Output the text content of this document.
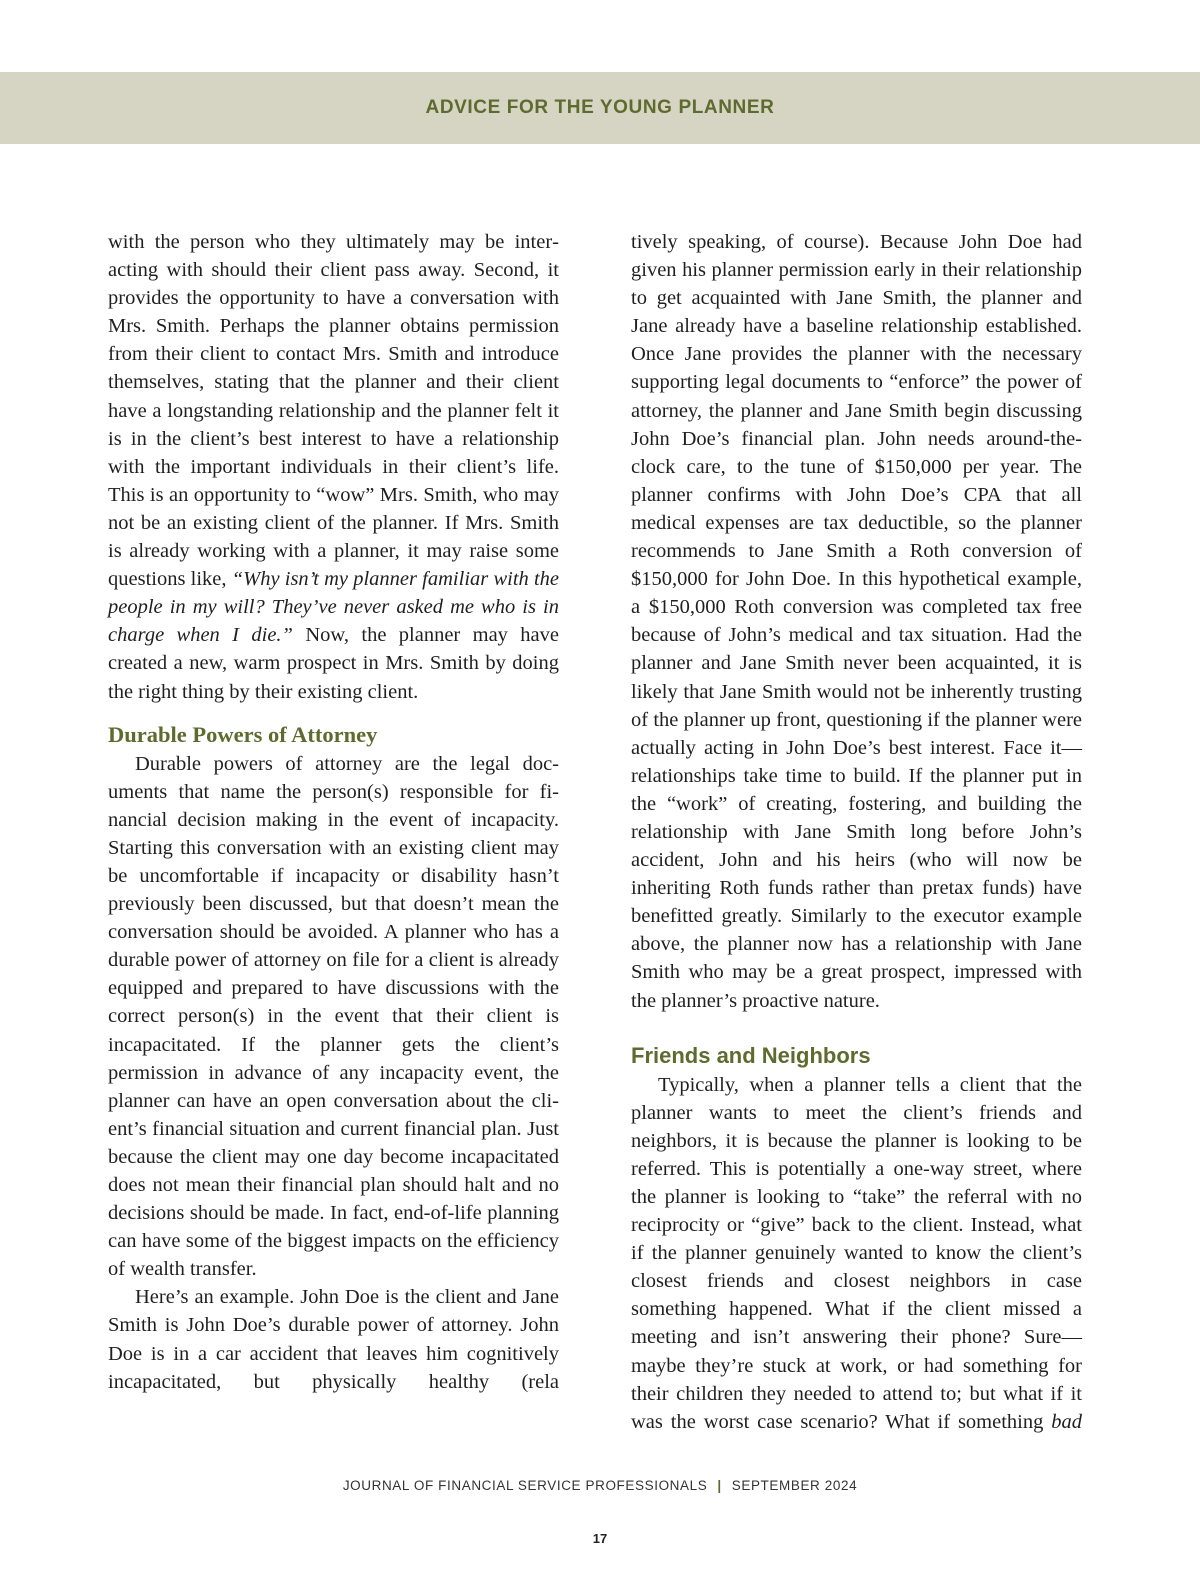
ADVICE FOR THE YOUNG PLANNER

with the person who they ultimately may be interacting with should their client pass away. Second, it provides the opportunity to have a conversation with Mrs. Smith. Perhaps the planner obtains permission from their client to contact Mrs. Smith and introduce themselves, stating that the planner and their client have a longstanding relationship and the planner felt it is in the client’s best interest to have a relationship with the important individuals in their client’s life. This is an opportunity to “wow” Mrs. Smith, who may not be an existing client of the planner. If Mrs. Smith is already working with a planner, it may raise some questions like, “Why isn’t my planner familiar with the people in my will? They’ve never asked me who is in charge when I die.” Now, the planner may have created a new, warm prospect in Mrs. Smith by doing the right thing by their existing client.

Durable Powers of Attorney

Durable powers of attorney are the legal documents that name the person(s) responsible for financial decision making in the event of incapacity. Starting this conversation with an existing client may be uncomfortable if incapacity or disability hasn’t previously been discussed, but that doesn’t mean the conversation should be avoided. A planner who has a durable power of attorney on file for a client is already equipped and prepared to have discussions with the correct person(s) in the event that their client is incapacitated. If the planner gets the client’s permission in advance of any incapacity event, the planner can have an open conversation about the client’s financial situation and current financial plan. Just because the client may one day become incapacitated does not mean their financial plan should halt and no decisions should be made. In fact, end-of-life planning can have some of the biggest impacts on the efficiency of wealth transfer.

Here’s an example. John Doe is the client and Jane Smith is John Doe’s durable power of attorney. John Doe is in a car accident that leaves him cognitively incapacitated, but physically healthy (rela

tively speaking, of course). Because John Doe had given his planner permission early in their relationship to get acquainted with Jane Smith, the planner and Jane already have a baseline relationship established. Once Jane provides the planner with the necessary supporting legal documents to “enforce” the power of attorney, the planner and Jane Smith begin discussing John Doe’s financial plan. John needs around-the-clock care, to the tune of $150,000 per year. The planner confirms with John Doe’s CPA that all medical expenses are tax deductible, so the planner recommends to Jane Smith a Roth conversion of $150,000 for John Doe. In this hypothetical example, a $150,000 Roth conversion was completed tax free because of John’s medical and tax situation. Had the planner and Jane Smith never been acquainted, it is likely that Jane Smith would not be inherently trusting of the planner up front, questioning if the planner were actually acting in John Doe’s best interest. Face it—relationships take time to build. If the planner put in the “work” of creating, fostering, and building the relationship with Jane Smith long before John’s accident, John and his heirs (who will now be inheriting Roth funds rather than pretax funds) have benefitted greatly. Similarly to the executor example above, the planner now has a relationship with Jane Smith who may be a great prospect, impressed with the planner’s proactive nature.

Friends and Neighbors

Typically, when a planner tells a client that the planner wants to meet the client’s friends and neighbors, it is because the planner is looking to be referred. This is potentially a one-way street, where the planner is looking to “take” the referral with no reciprocity or “give” back to the client. Instead, what if the planner genuinely wanted to know the client’s closest friends and closest neighbors in case something happened. What if the client missed a meeting and isn’t answering their phone? Sure—maybe they’re stuck at work, or had something for their children they needed to attend to; but what if it was the worst case scenario? What if something bad

JOURNAL OF FINANCIAL SERVICE PROFESSIONALS | SEPTEMBER 2024
17
